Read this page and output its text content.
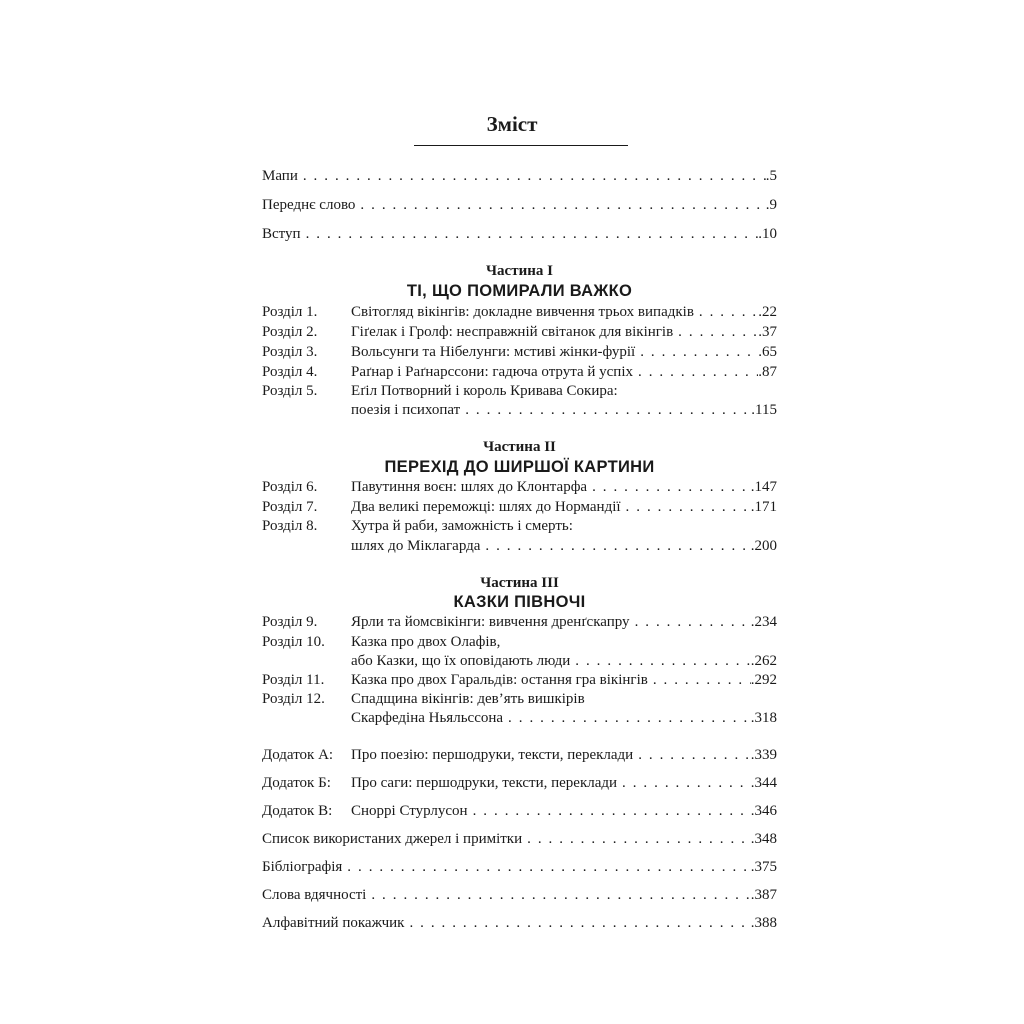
Зміст
Мапи . . .	.5
Переднє слово . . .	.9
Вступ . . .	.10
Частина I
ТІ, ЩО ПОМИРАЛИ ВАЖКО
Розділ 1.	Світогляд вікінгів: докладне вивчення трьох випадків . . .	.22
Розділ 2.	Гіґелак і Гролф: несправжній світанок для вікінгів . . .	.37
Розділ 3.	Вольсунги та Нібелунги: мстиві жінки-фурії . . .	.65
Розділ 4.	Раґнар і Раґнарссони: гадюча отрута й успіх . . .	.87
Розділ 5.	Еґіл Потворний і король Кривава Сокира:
поезія і психопат . . .	.115
Частина II
ПЕРЕХІД ДО ШИРШОЇ КАРТИНИ
Розділ 6.	Павутиння воєн: шлях до Клонтарфа . . .	.147
Розділ 7.	Два великі переможці: шлях до Нормандії . . .	.171
Розділ 8.	Хутра й раби, заможність і смерть:
шлях до Міклагарда . . .	.200
Частина III
КАЗКИ ПІВНОЧІ
Розділ 9.	Ярли та йомсвікінги: вивчення дренґскапру . . .	.234
Розділ 10.	Казка про двох Олафів,
або Казки, що їх оповідають люди . . .	.262
Розділ 11.	Казка про двох Гаральдів: остання гра вікінгів . . .	.292
Розділ 12.	Спадщина вікінгів: дев’ять вишкірів
Скарфедіна Ньяльссона . . .	.318
Додаток А:	Про поезію: першодруки, тексти, переклади . . .	.339
Додаток Б:	Про саги: першодруки, тексти, переклади . . .	.344
Додаток В:	Сноррі Стурлусон . . .	.346
Список використаних джерел і примітки . . .	.348
Бібліографія . . .	.375
Слова вдячності . . .	.387
Алфавітний покажчик . . .	.388
